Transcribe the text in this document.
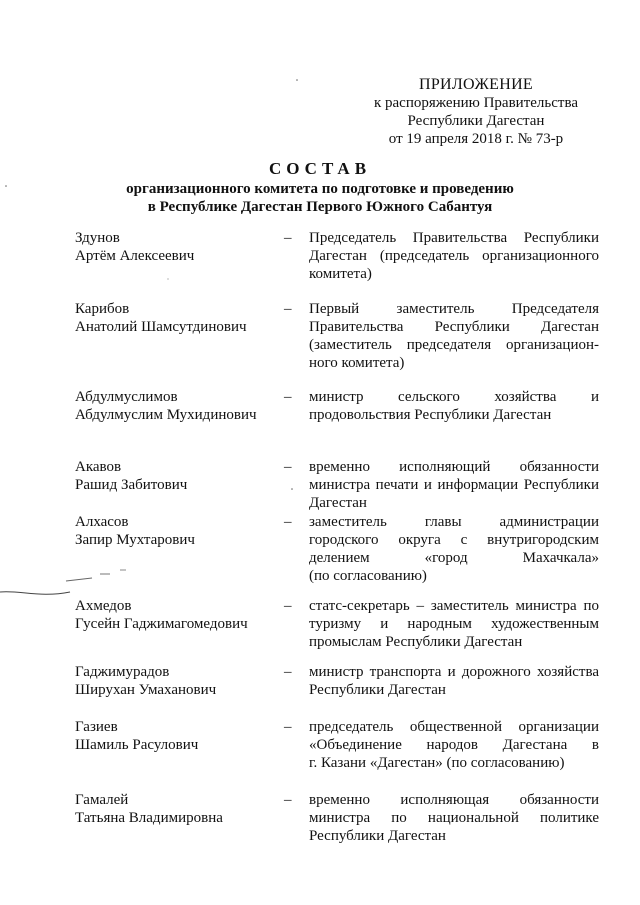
ПРИЛОЖЕНИЕ
к распоряжению Правительства
Республики Дагестан
от 19 апреля 2018 г. № 73-р
СОСТАВ
организационного комитета по подготовке и проведению
в Республике Дагестан Первого Южного Сабантуя
Здунов
Артём Алексеевич
– Председатель Правительства Республики
Дагестан (председатель организационного
комитета)
Карибов
Анатолий Шамсутдинович
– Первый заместитель Председателя
Правительства Республики Дагестан
(заместитель председателя организацион-
ного комитета)
Абдулмуслимов
Абдулмуслим Мухидинович
– министр сельского хозяйства и
продовольствия Республики Дагестан
Акавов
Рашид Забитович
– временно исполняющий обязанности
министра печати и информации Республики
Дагестан
Алхасов
Запир Мухтарович
– заместитель главы администрации
городского округа с внутригородским
делением «город Махачкала»
(по согласованию)
Ахмедов
Гусейн Гаджимагомедович
– статс-секретарь – заместитель министра по
туризму и народным художественным
промыслам Республики Дагестан
Гаджимурадов
Ширухан Умаханович
– министр транспорта и дорожного хозяйства
Республики Дагестан
Газиев
Шамиль Расулович
– председатель общественной организации
«Объединение народов Дагестана в
г. Казани «Дагестан» (по согласованию)
Гамалей
Татьяна Владимировна
– временно исполняющая обязанности
министра по национальной политике
Республики Дагестан
